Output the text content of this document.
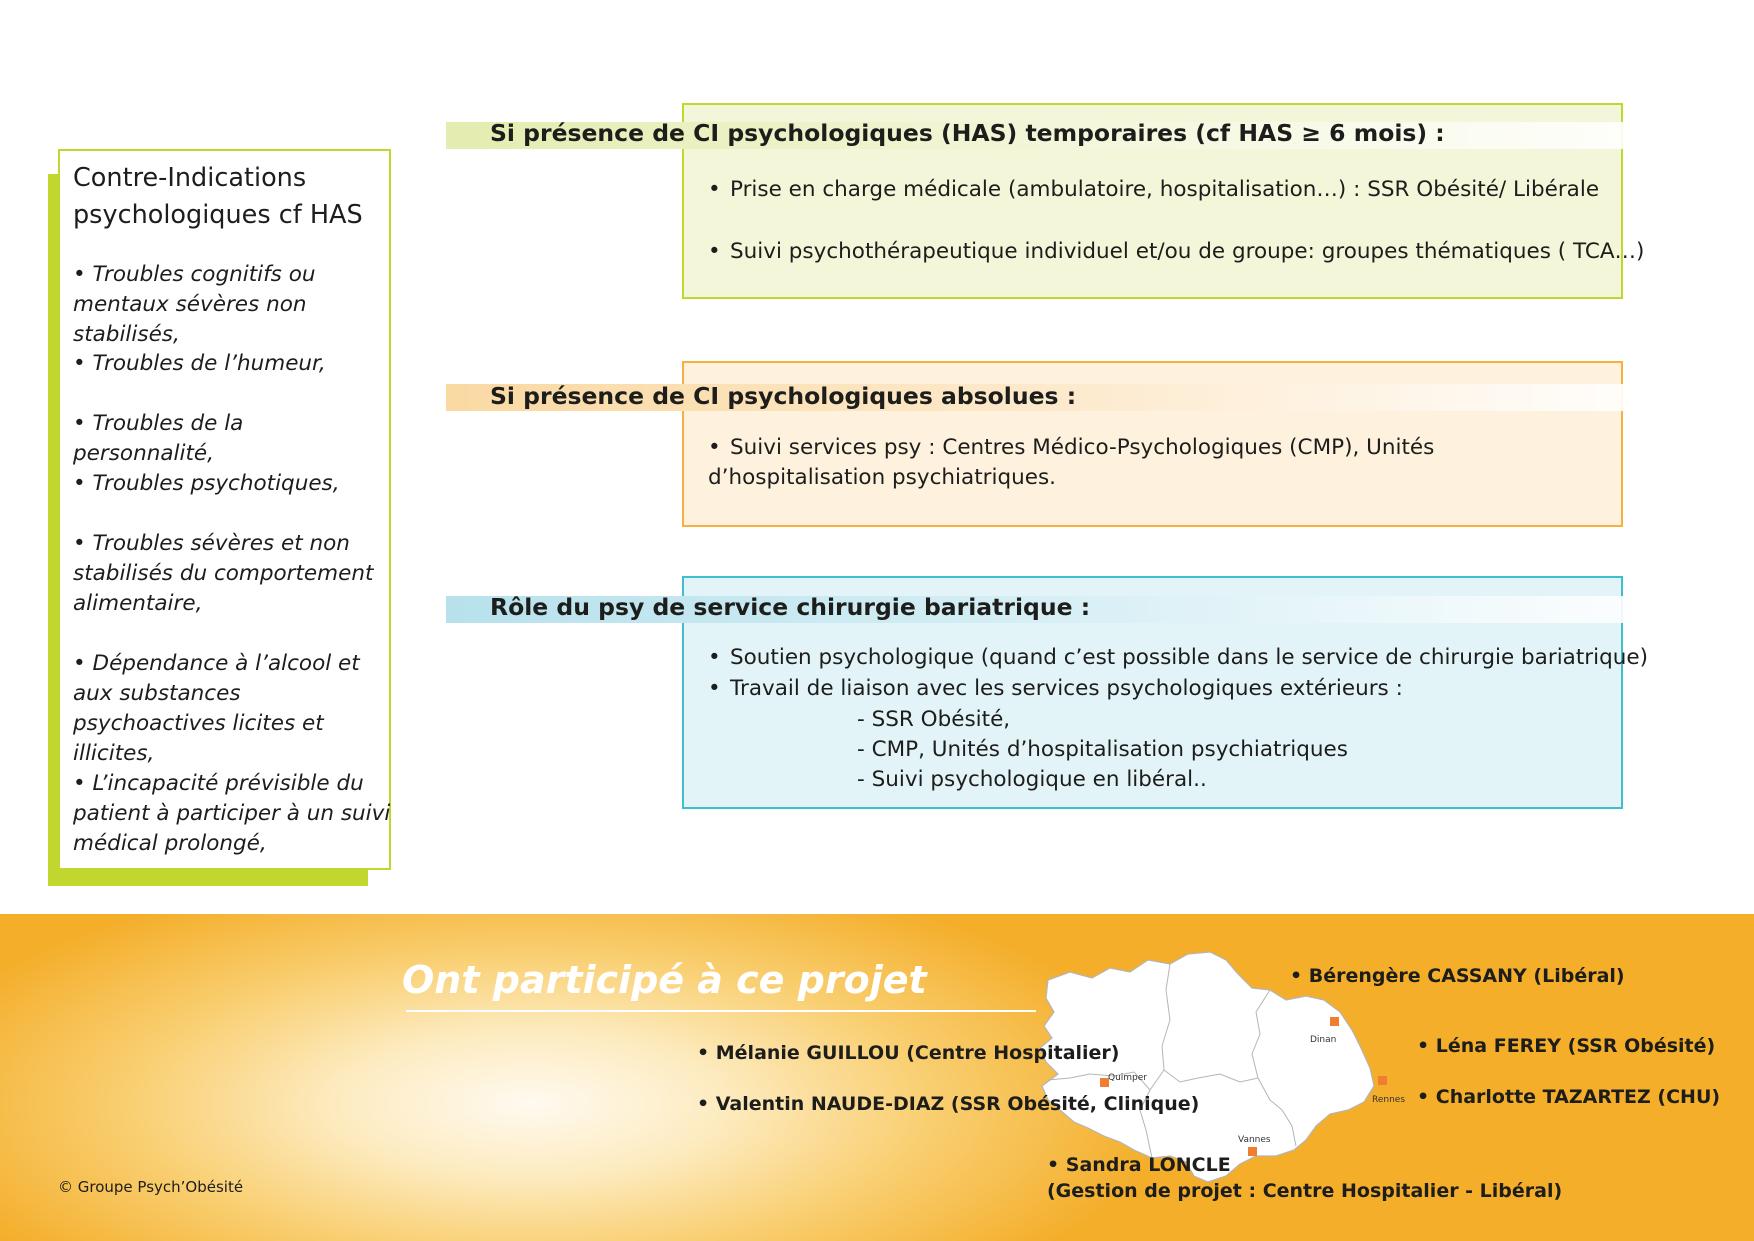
Contre-Indications psychologiques cf HAS
• Troubles cognitifs ou mentaux sévères non stabilisés,
• Troubles de l’humeur,
• Troubles de la personnalité,
• Troubles psychotiques,
• Troubles sévères et non stabilisés du comportement alimentaire,
• Dépendance à l’alcool et aux substances psychoactives licites et illicites,
• L’incapacité prévisible du patient à participer à un suivi médical prolongé,
Si présence de CI psychologiques (HAS) temporaires (cf HAS ≥ 6 mois) :
Si présence de CI psychologiques absolues :
Rôle du psy de service chirurgie bariatrique :
• Prise en charge médicale (ambulatoire, hospitalisation…) : SSR Obésité/ Libérale
• Suivi psychothérapeutique individuel et/ou de groupe: groupes thématiques ( TCA…)
• Suivi services psy : Centres Médico-Psychologiques (CMP), Unités
d’hospitalisation psychiatriques.
• Soutien psychologique (quand c’est possible dans le service de chirurgie bariatrique)
• Travail de liaison avec les services psychologiques extérieurs :
- SSR Obésité,
- CMP, Unités d’hospitalisation psychiatriques
- Suivi psychologique en libéral..
Ont participé à ce projet
Dinan
Quimper
Rennes
Vannes
• Bérengère CASSANY (Libéral)
• Mélanie GUILLOU (Centre Hospitalier)	• Léna FEREY (SSR Obésité)
• Valentin NAUDE-DIAZ (SSR Obésité, Clinique)	• Charlotte TAZARTEZ (CHU)
• Sandra LONCLE
(Gestion de projet : Centre Hospitalier - Libéral)
© Groupe Psych’Obésité
